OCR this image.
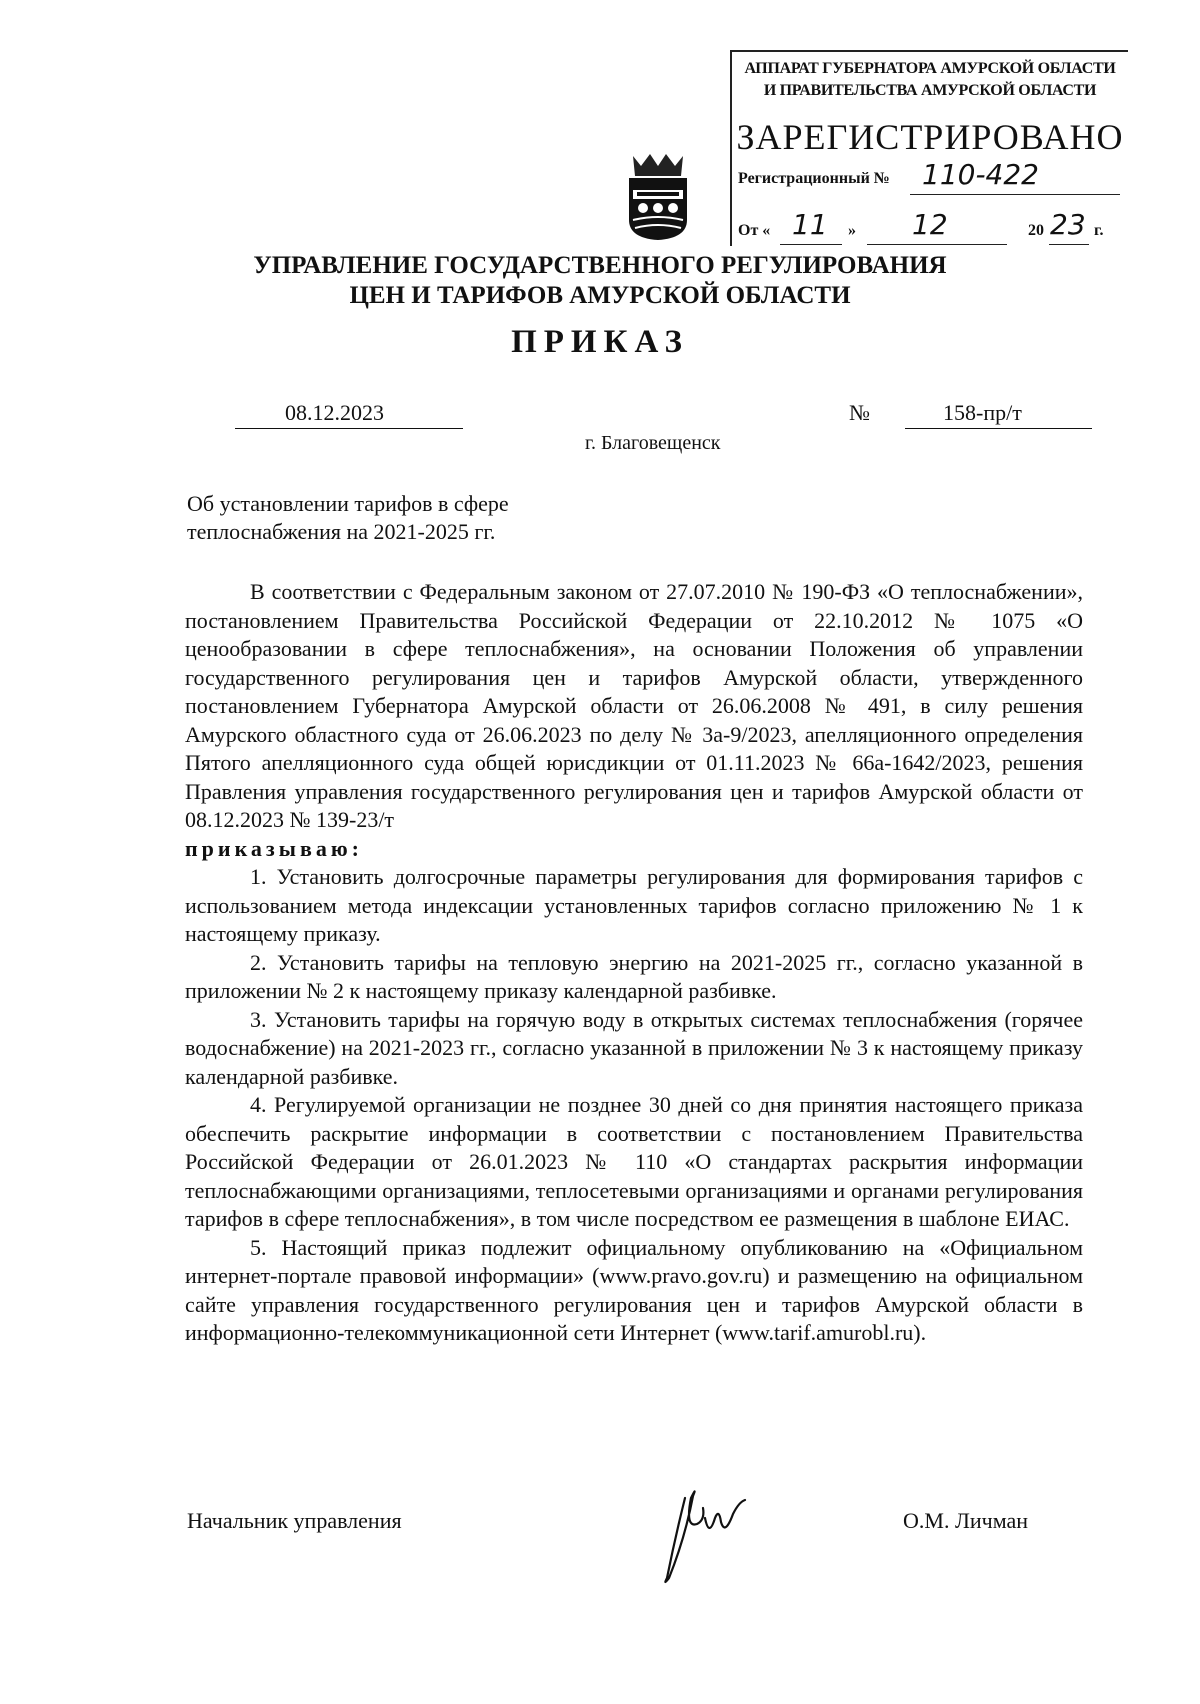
АППАРАТ ГУБЕРНАТОРА АМУРСКОЙ ОБЛАСТИ
И ПРАВИТЕЛЬСТВА АМУРСКОЙ ОБЛАСТИ
ЗАРЕГИСТРИРОВАНО
Регистрационный № 110-422
От « 11 » 12	20 23 г.
УПРАВЛЕНИЕ ГОСУДАРСТВЕННОГО РЕГУЛИРОВАНИЯ
ЦЕН И ТАРИФОВ АМУРСКОЙ ОБЛАСТИ
ПРИКАЗ
08.12.2023	№	158-пр/т
г. Благовещенск
Об установлении тарифов в сфере
теплоснабжения на 2021-2025 гг.

В соответствии с Федеральным законом от 27.07.2010 № 190-ФЗ «О теплоснабжении», постановлением Правительства Российской Федерации от 22.10.2012 № 1075 «О ценообразовании в сфере теплоснабжения», на основании Положения об управлении государственного регулирования цен и тарифов Амурской области, утвержденного постановлением Губернатора Амурской области от 26.06.2008 № 491, в силу решения Амурского областного суда от 26.06.2023 по делу № 3а-9/2023, апелляционного определения Пятого апелляционного суда общей юрисдикции от 01.11.2023 № 66а-1642/2023, решения Правления управления государственного регулирования цен и тарифов Амурской области от 08.12.2023 № 139-23/т

приказываю:

1. Установить долгосрочные параметры регулирования для формирования тарифов с использованием метода индексации установленных тарифов согласно приложению № 1 к настоящему приказу.

2. Установить тарифы на тепловую энергию на 2021-2025 гг., согласно указанной в приложении № 2 к настоящему приказу календарной разбивке.

3. Установить тарифы на горячую воду в открытых системах теплоснабжения (горячее водоснабжение) на 2021-2023 гг., согласно указанной в приложении № 3 к настоящему приказу календарной разбивке.

4. Регулируемой организации не позднее 30 дней со дня принятия настоящего приказа обеспечить раскрытие информации в соответствии с постановлением Правительства Российской Федерации от 26.01.2023 № 110 «О стандартах раскрытия информации теплоснабжающими организациями, теплосетевыми организациями и органами регулирования тарифов в сфере теплоснабжения», в том числе посредством ее размещения в шаблоне ЕИАС.

5. Настоящий приказ подлежит официальному опубликованию на «Официальном интернет-портале правовой информации» (www.pravo.gov.ru) и размещению на официальном сайте управления государственного регулирования цен и тарифов Амурской области в информационно-телекоммуникационной сети Интернет (www.tarif.amurobl.ru).

Начальник управления	О.М. Личман
